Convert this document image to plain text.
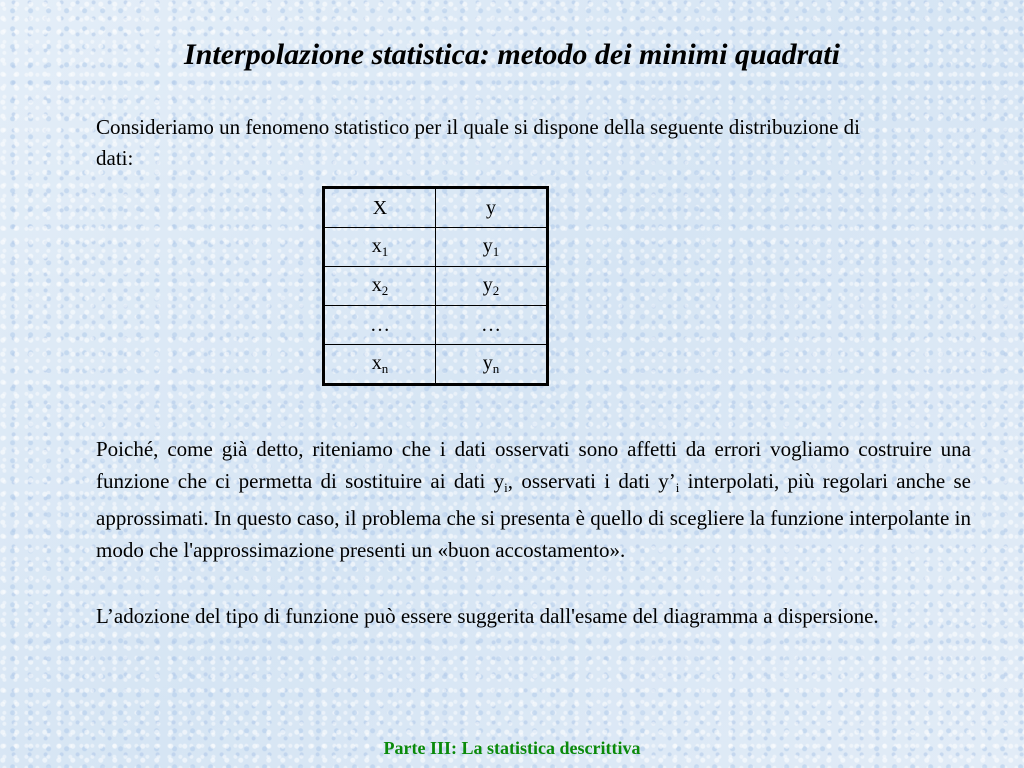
Interpolazione statistica: metodo dei minimi quadrati

Consideriamo un fenomeno statistico per il quale si dispone della seguente distribuzione di dati:

X	y
$x_1$	$y_1$
$x_2$	$y_2$
…	…
$x_n$	$y_n$

Poiché, come già detto, riteniamo che i dati osservati sono affetti da errori vogliamo costruire una funzione che ci permetta di sostituire ai dati $y_i$, osservati i dati $y’_i$ interpolati, più regolari anche se approssimati. In questo caso, il problema che si presenta è quello di scegliere la funzione interpolante in modo che l'approssimazione presenti un «buon accostamento».

L’adozione del tipo di funzione può essere suggerita dall'esame del diagramma a dispersione.

Parte III: La statistica descrittiva
